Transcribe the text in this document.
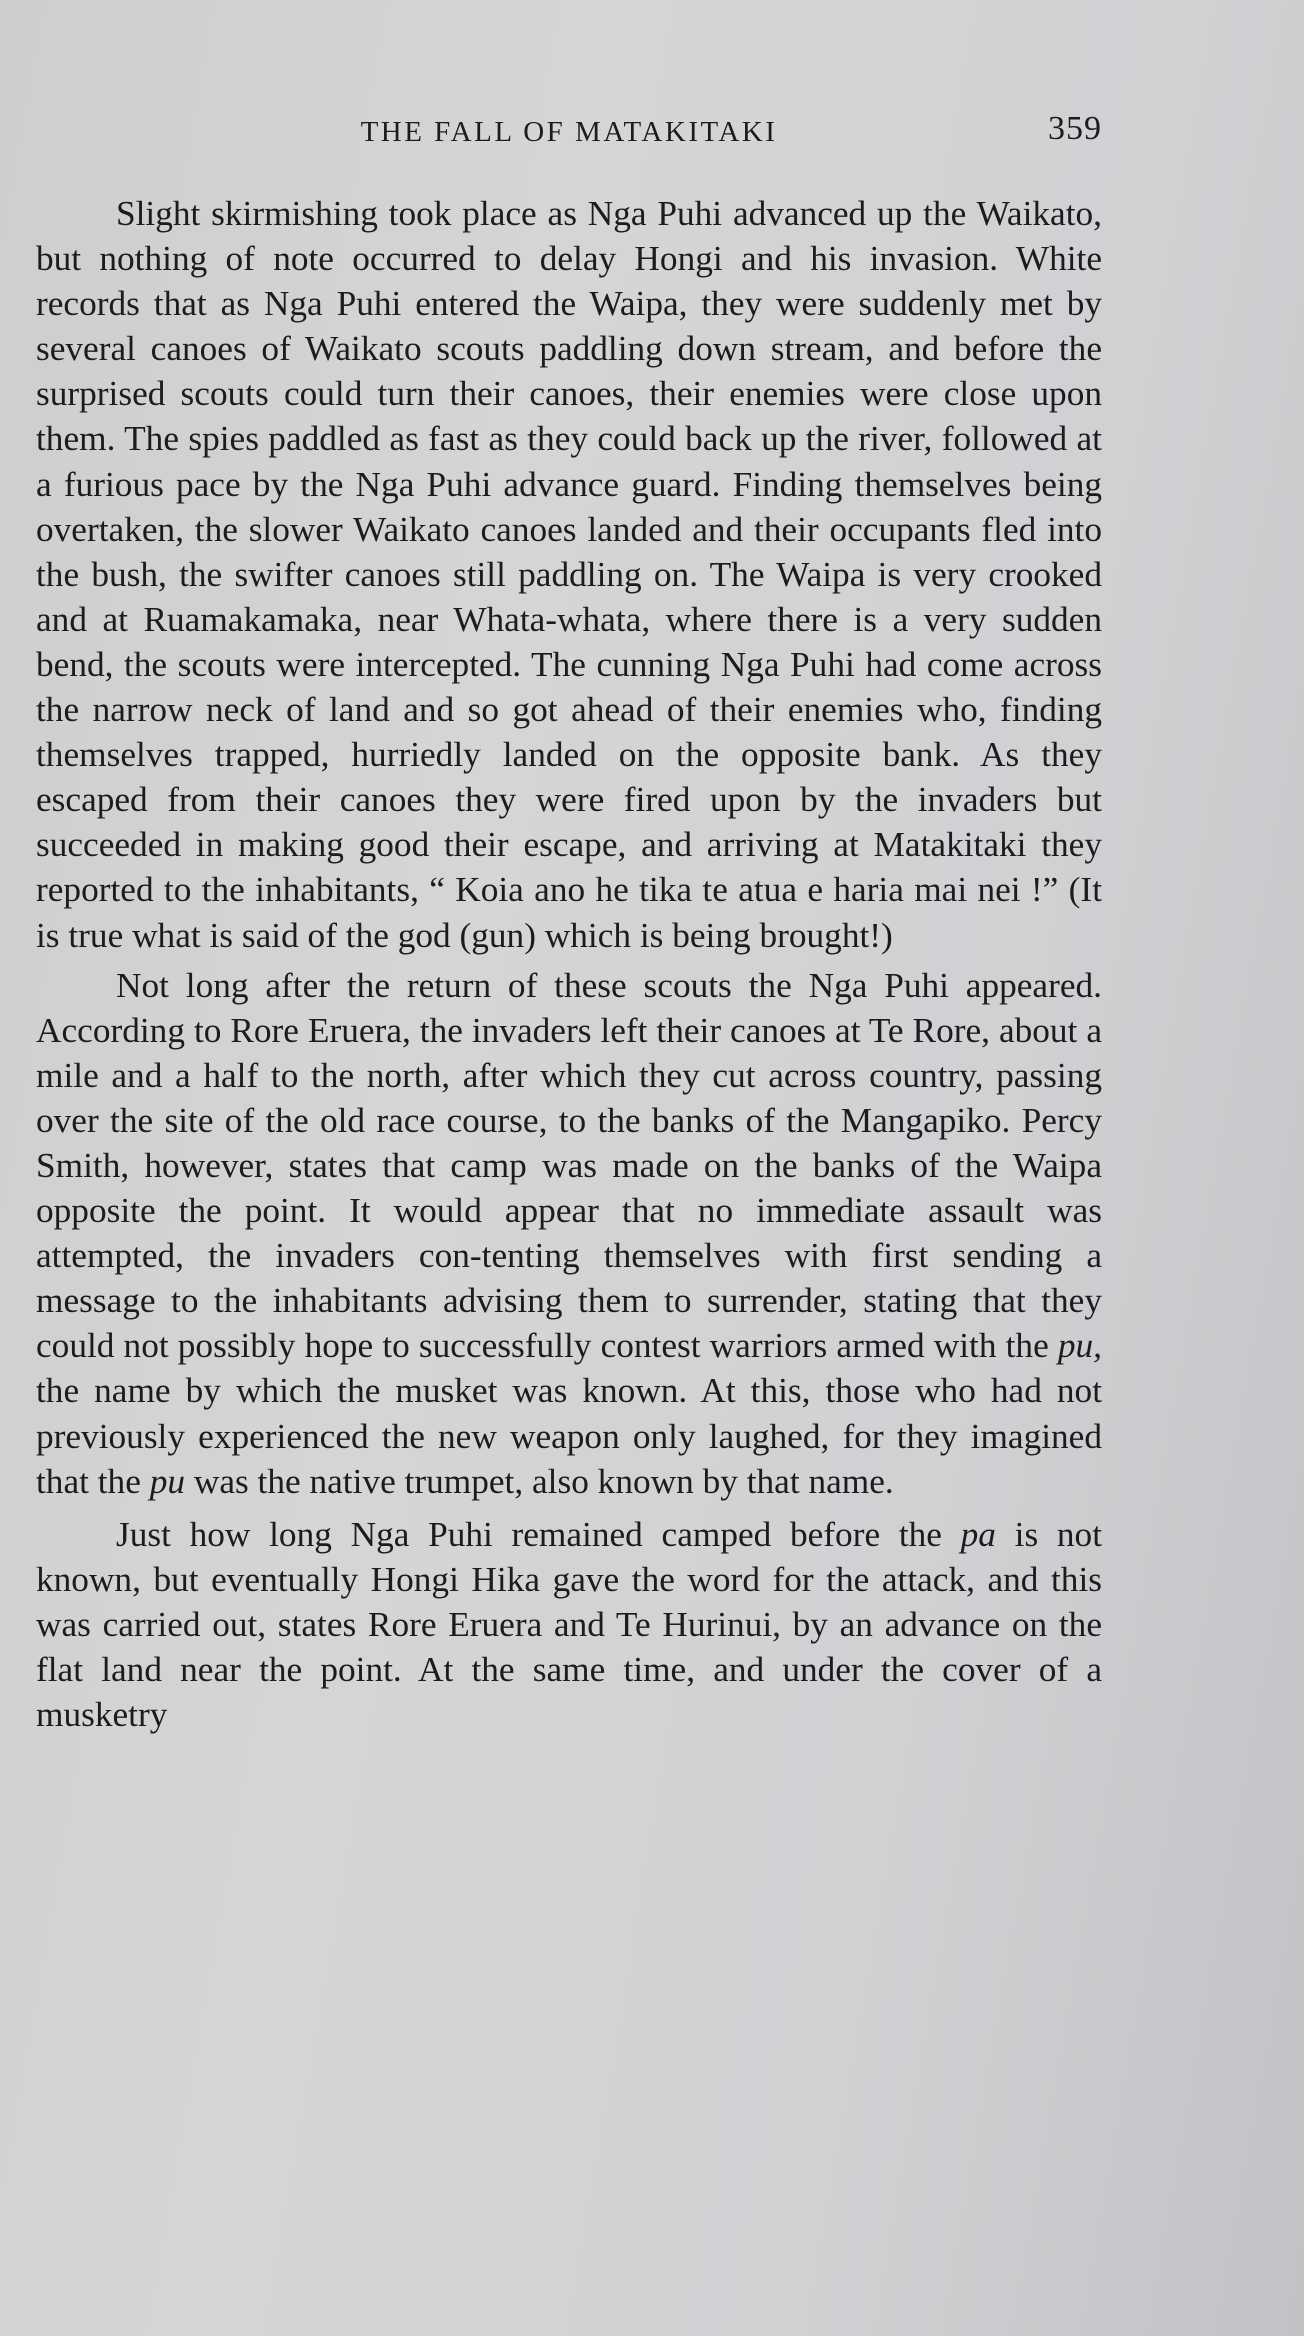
THE FALL OF MATAKITAKI	359

Slight skirmishing took place as Nga Puhi advanced up the Waikato, but nothing of note occurred to delay Hongi and his invasion. White records that as Nga Puhi entered the Waipa, they were suddenly met by several canoes of Waikato scouts paddling down stream, and before the surprised scouts could turn their canoes, their enemies were close upon them. The spies paddled as fast as they could back up the river, followed at a furious pace by the Nga Puhi advance guard. Finding themselves being overtaken, the slower Waikato canoes landed and their occupants fled into the bush, the swifter canoes still paddling on. The Waipa is very crooked and at Ruamakamaka, near Whata-whata, where there is a very sudden bend, the scouts were intercepted. The cunning Nga Puhi had come across the narrow neck of land and so got ahead of their enemies who, finding themselves trapped, hurriedly landed on the opposite bank. As they escaped from their canoes they were fired upon by the invaders but succeeded in making good their escape, and arriving at Matakitaki they reported to the inhabitants, “ Koia ano he tika te atua e haria mai nei !” (It is true what is said of the god (gun) which is being brought!)

Not long after the return of these scouts the Nga Puhi appeared. According to Rore Eruera, the invaders left their canoes at Te Rore, about a mile and a half to the north, after which they cut across country, passing over the site of the old race course, to the banks of the Mangapiko. Percy Smith, however, states that camp was made on the banks of the Waipa opposite the point. It would appear that no immediate assault was attempted, the invaders con-tenting themselves with first sending a message to the inhabitants advising them to surrender, stating that they could not possibly hope to successfully contest warriors armed with the pu, the name by which the musket was known. At this, those who had not previously experienced the new weapon only laughed, for they imagined that the pu was the native trumpet, also known by that name.

Just how long Nga Puhi remained camped before the pa is not known, but eventually Hongi Hika gave the word for the attack, and this was carried out, states Rore Eruera and Te Hurinui, by an advance on the flat land near the point. At the same time, and under the cover of a musketry
